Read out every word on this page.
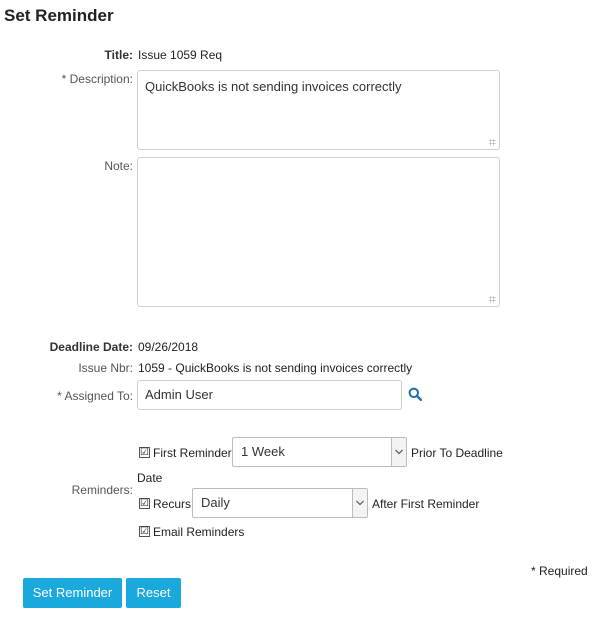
Set Reminder
Title: Issue 1059 Req
* Description: QuickBooks is not sending invoices correctly
Note:
Deadline Date: 09/26/2018
Issue Nbr: 1059 - QuickBooks is not sending invoices correctly
* Assigned To: Admin User
☑ First Reminder 1 Week	Prior To Deadline
Date
Reminders:
☑ Recurs Daily	After First Reminder
☑ Email Reminders
* Required
Set Reminder	Reset
